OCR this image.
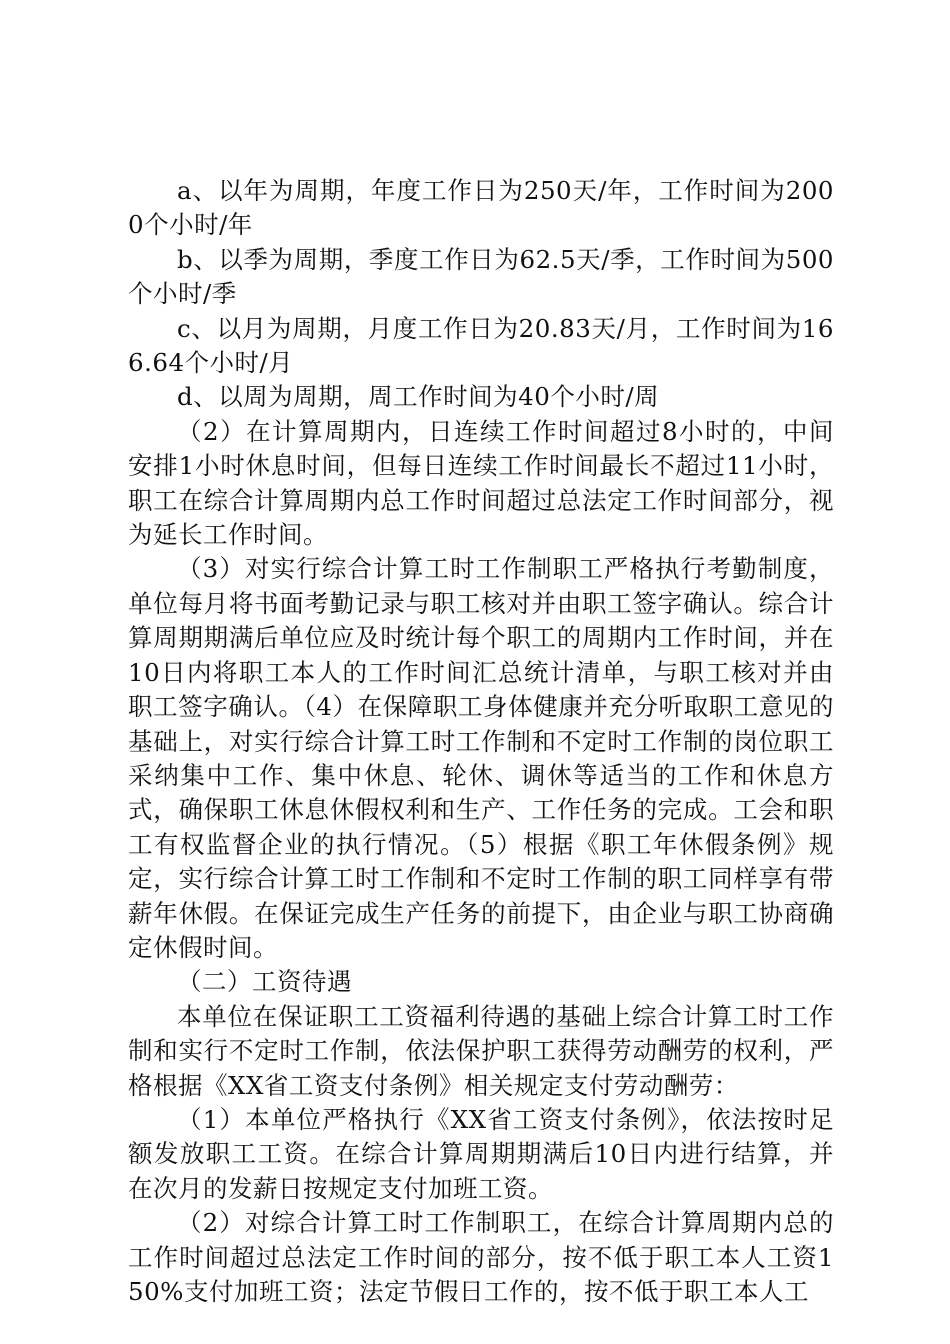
a、以年为周期，年度工作日为250天/年，工作时间为2000个小时/年

b、以季为周期，季度工作日为62.5天/季，工作时间为500个小时/季

c、以月为周期，月度工作日为20.83天/月，工作时间为166.64个小时/月

d、以周为周期，周工作时间为40个小时/周

（2）在计算周期内，日连续工作时间超过8小时的，中间安排1小时休息时间，但每日连续工作时间最长不超过11小时，职工在综合计算周期内总工作时间超过总法定工作时间部分，视为延长工作时间。

（3）对实行综合计算工时工作制职工严格执行考勤制度，单位每月将书面考勤记录与职工核对并由职工签字确认。综合计算周期期满后单位应及时统计每个职工的周期内工作时间，并在10日内将职工本人的工作时间汇总统计清单，与职工核对并由职工签字确认。（4）在保障职工身体健康并充分听取职工意见的基础上，对实行综合计算工时工作制和不定时工作制的岗位职工采纳集中工作、集中休息、轮休、调休等适当的工作和休息方式，确保职工休息休假权利和生产、工作任务的完成。工会和职工有权监督企业的执行情况。（5）根据《职工年休假条例》规定，实行综合计算工时工作制和不定时工作制的职工同样享有带薪年休假。在保证完成生产任务的前提下，由企业与职工协商确定休假时间。

（二）工资待遇

本单位在保证职工工资福利待遇的基础上综合计算工时工作制和实行不定时工作制，依法保护职工获得劳动酬劳的权利，严格根据《XX省工资支付条例》相关规定支付劳动酬劳：

（1）本单位严格执行《XX省工资支付条例》，依法按时足额发放职工工资。在综合计算周期期满后10日内进行结算，并在次月的发薪日按规定支付加班工资。

（2）对综合计算工时工作制职工，在综合计算周期内总的工作时间超过总法定工作时间的部分，按不低于职工本人工资150%支付加班工资；法定节假日工作的，按不低于职工本人工
